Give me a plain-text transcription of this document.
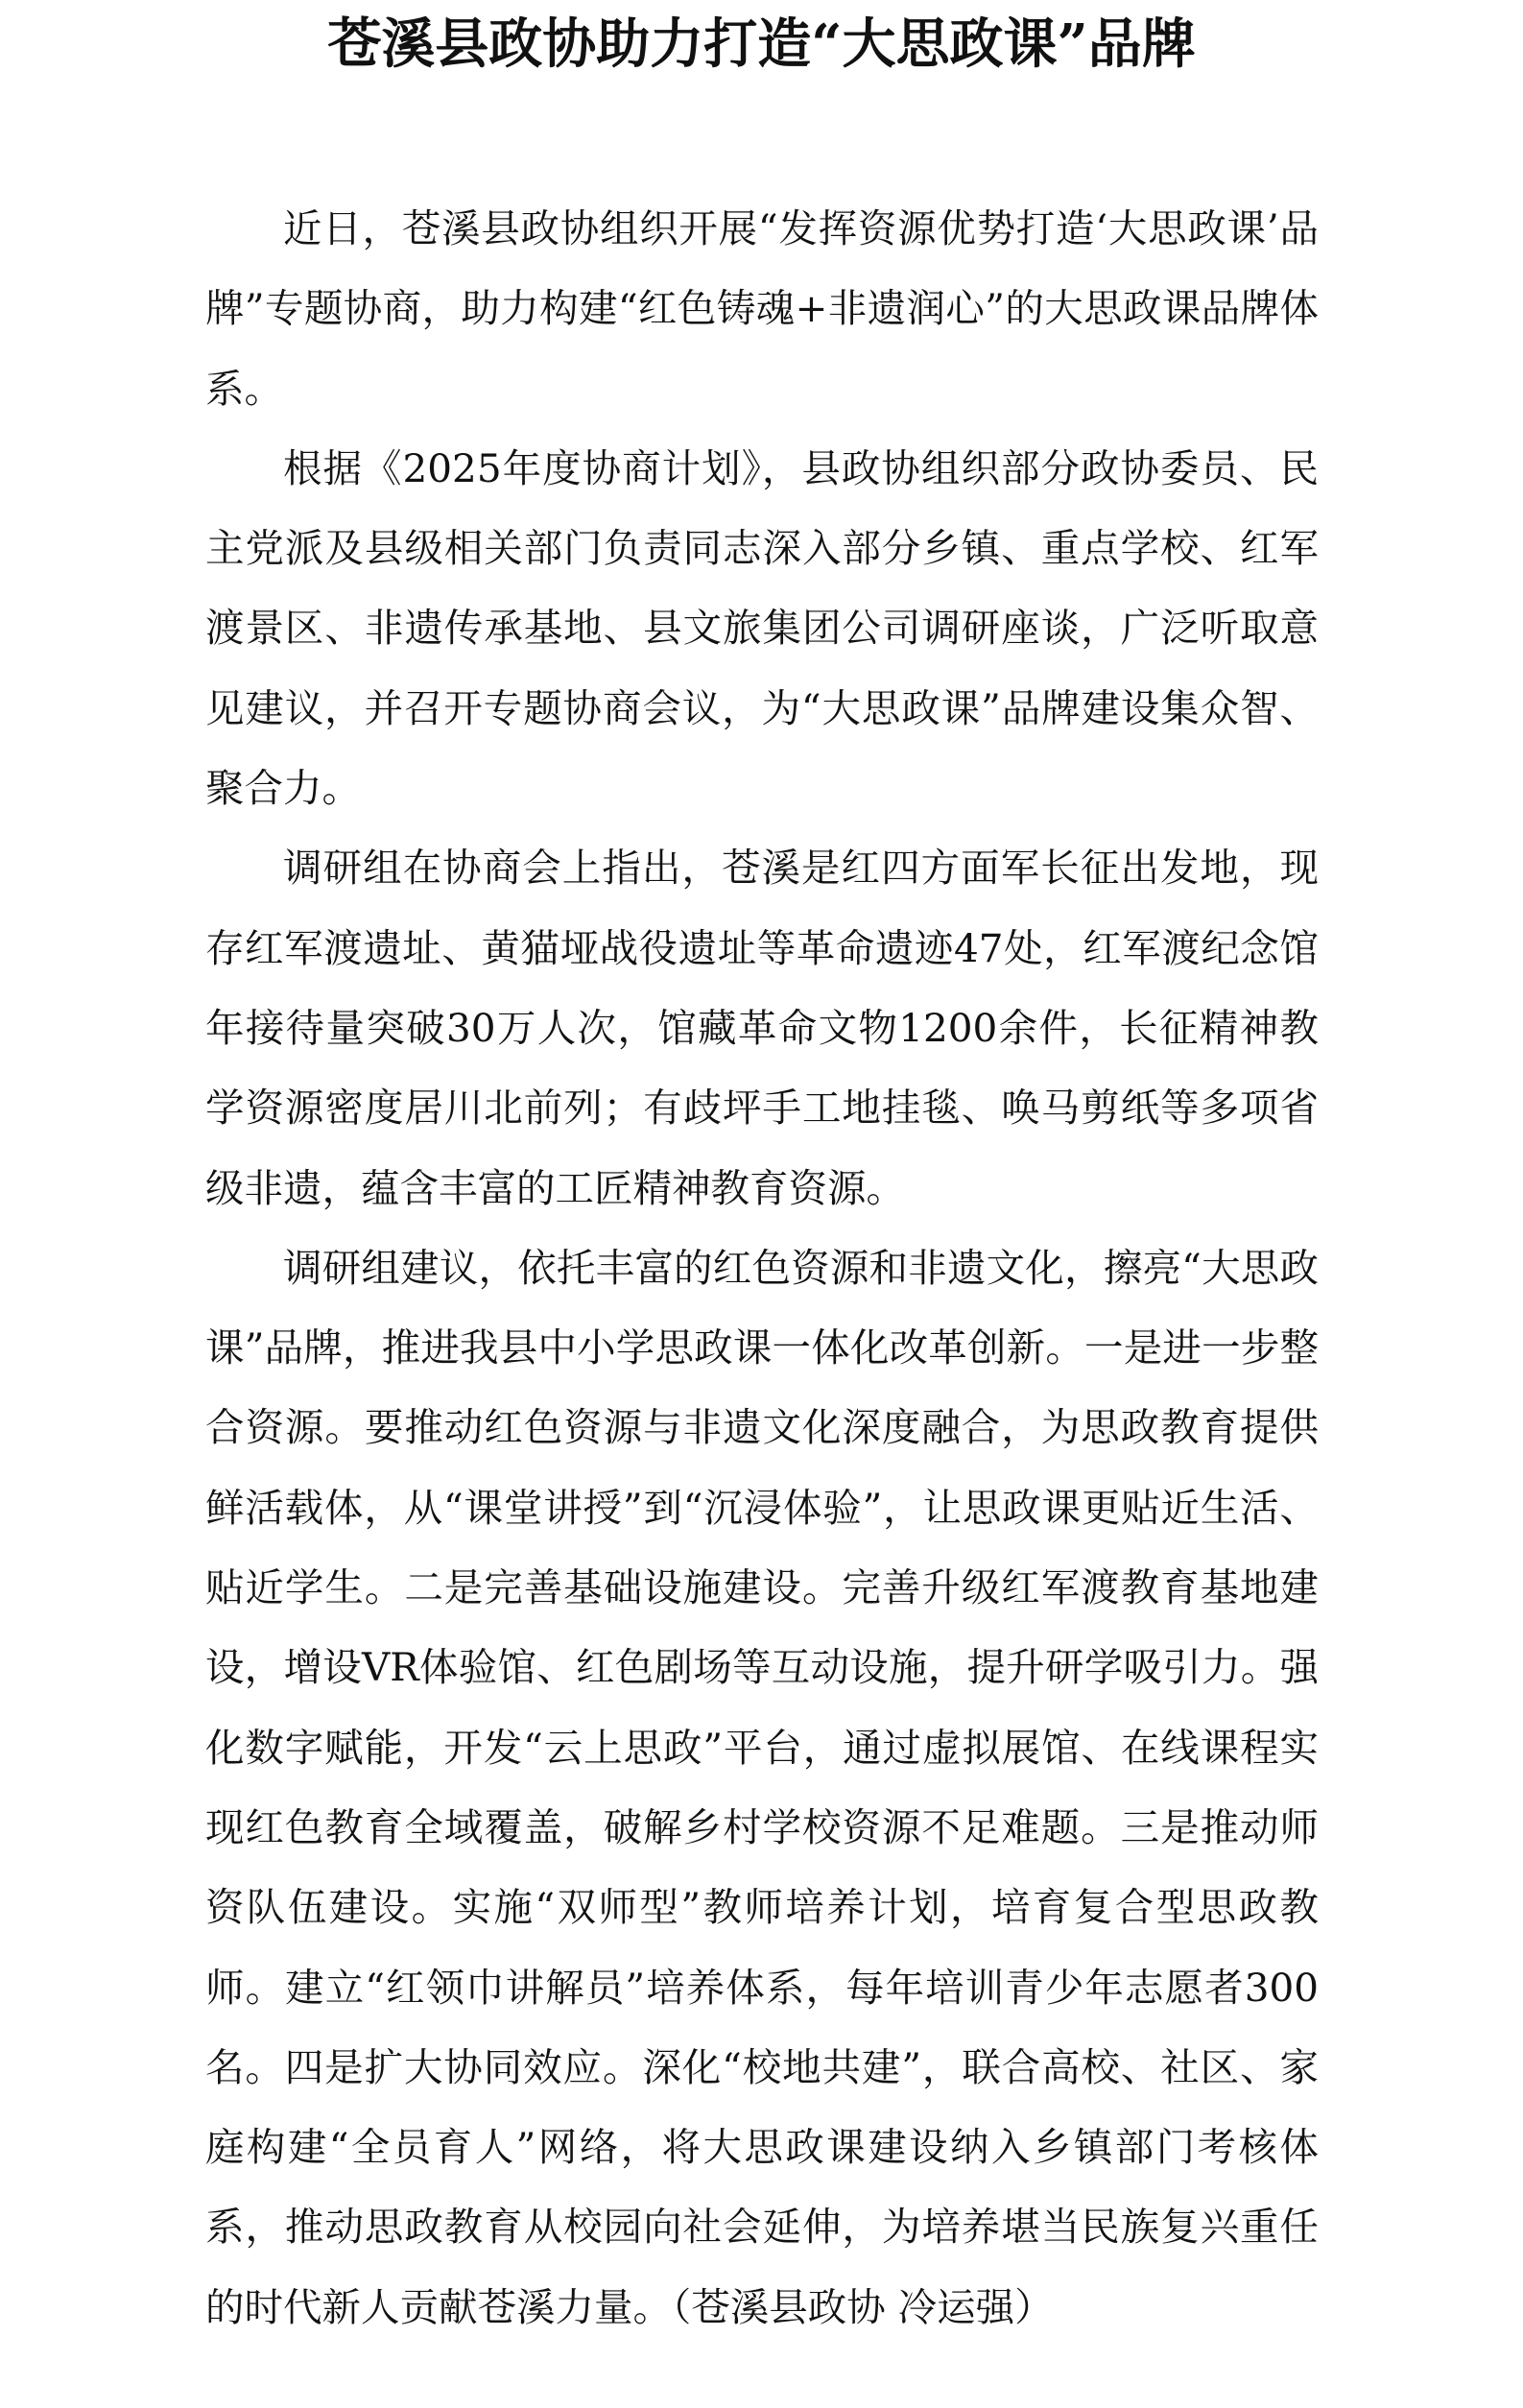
苍溪县政协助力打造“大思政课”品牌

近日，苍溪县政协组织开展“发挥资源优势打造‘大思政课’品牌”专题协商，助力构建“红色铸魂+非遗润心”的大思政课品牌体系。

根据《2025年度协商计划》，县政协组织部分政协委员、民主党派及县级相关部门负责同志深入部分乡镇、重点学校、红军渡景区、非遗传承基地、县文旅集团公司调研座谈，广泛听取意见建议，并召开专题协商会议，为“大思政课”品牌建设集众智、聚合力。

调研组在协商会上指出，苍溪是红四方面军长征出发地，现存红军渡遗址、黄猫垭战役遗址等革命遗迹47处，红军渡纪念馆年接待量突破30万人次，馆藏革命文物1200余件，长征精神教学资源密度居川北前列；有歧坪手工地挂毯、唤马剪纸等多项省级非遗，蕴含丰富的工匠精神教育资源。

调研组建议，依托丰富的红色资源和非遗文化，擦亮“大思政课”品牌，推进我县中小学思政课一体化改革创新。一是进一步整合资源。要推动红色资源与非遗文化深度融合，为思政教育提供鲜活载体，从“课堂讲授”到“沉浸体验”，让思政课更贴近生活、贴近学生。二是完善基础设施建设。完善升级红军渡教育基地建设，增设VR体验馆、红色剧场等互动设施，提升研学吸引力。强化数字赋能，开发“云上思政”平台，通过虚拟展馆、在线课程实现红色教育全域覆盖，破解乡村学校资源不足难题。三是推动师资队伍建设。实施“双师型”教师培养计划，培育复合型思政教师。建立“红领巾讲解员”培养体系，每年培训青少年志愿者300名。四是扩大协同效应。深化“校地共建”，联合高校、社区、家庭构建“全员育人”网络，将大思政课建设纳入乡镇部门考核体系，推动思政教育从校园向社会延伸，为培养堪当民族复兴重任的时代新人贡献苍溪力量。（苍溪县政协 冷运强）
